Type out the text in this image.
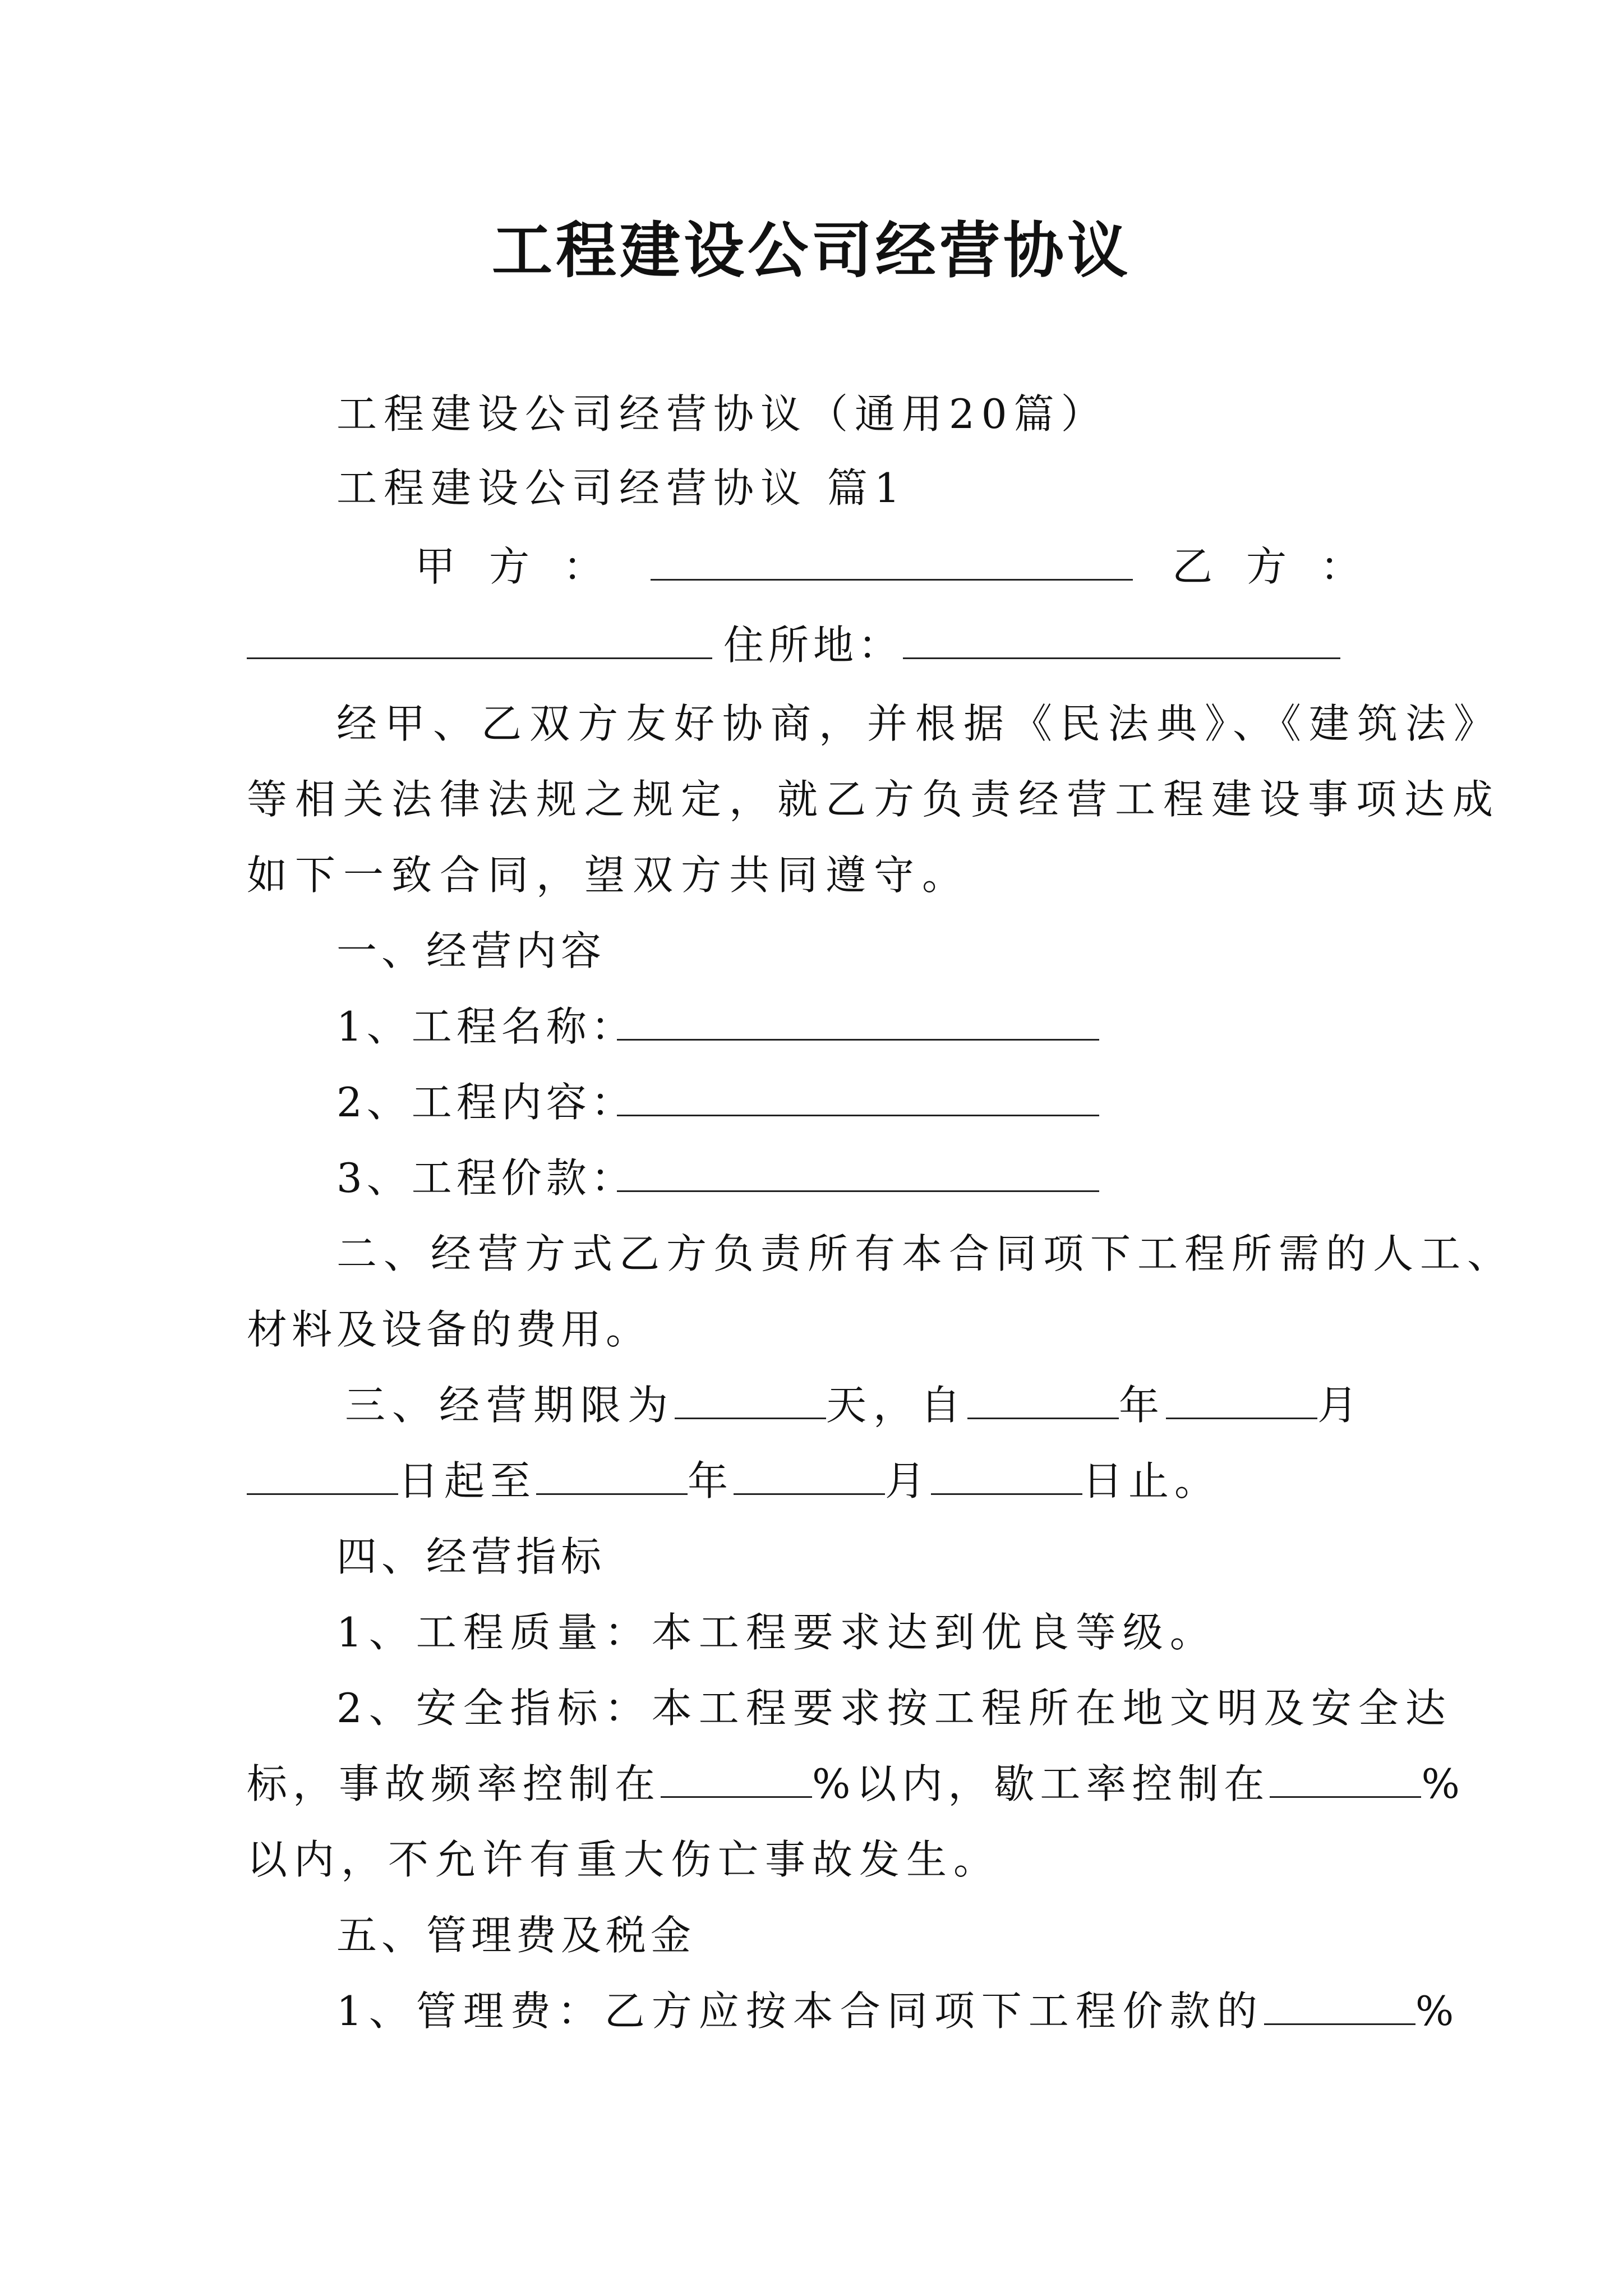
工程建设公司经营协议
工程建设公司经营协议（通用20篇）
工程建设公司经营协议 篇1
甲方：	乙方：
住所地：
经甲、乙双方友好协商，并根据《民法典》、《建筑法》
等相关法律法规之规定，就乙方负责经营工程建设事项达成
如下一致合同，望双方共同遵守。
一、经营内容
1、工程名称：
2、工程内容：
3、工程价款：
二、经营方式乙方负责所有本合同项下工程所需的人工、
材料及设备的费用。
三、经营期限为	天，自	年	月
日起至	年	月	日止。
四、经营指标
1、工程质量：本工程要求达到优良等级。
2、安全指标：本工程要求按工程所在地文明及安全达
标，事故频率控制在	%以内，歇工率控制在	%
以内，不允许有重大伤亡事故发生。
五、管理费及税金
1、管理费：乙方应按本合同项下工程价款的	%
